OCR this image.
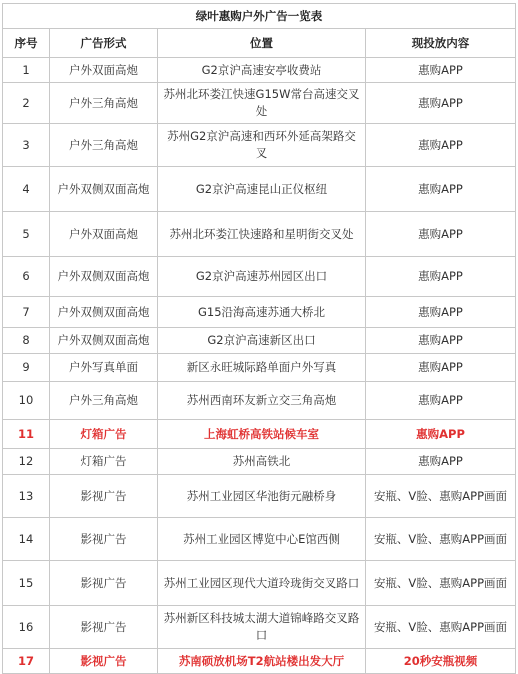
绿叶惠购户外广告一览表			
序号	广告形式	位置	现投放内容
1	户外双面高炮	G2京沪高速安亭收费站	惠购APP
2	户外三角高炮	苏州北环娄江快速G15W常台高速交叉处	惠购APP
3	户外三角高炮	苏州G2京沪高速和西环外延高架路交叉	惠购APP
4	户外双侧双面高炮	G2京沪高速昆山正仪枢纽	惠购APP
5	户外双面高炮	苏州北环娄江快速路和星明街交叉处	惠购APP
6	户外双侧双面高炮	G2京沪高速苏州园区出口	惠购APP
7	户外双侧双面高炮	G15沿海高速苏通大桥北	惠购APP
8	户外双侧双面高炮	G2京沪高速新区出口	惠购APP
9	户外写真单面	新区永旺城际路单面户外写真	惠购APP
10	户外三角高炮	苏州西南环友新立交三角高炮	惠购APP
11	灯箱广告	上海虹桥高铁站候车室	惠购APP
12	灯箱广告	苏州高铁北	惠购APP
13	影视广告	苏州工业园区华池街元融桥身	安瓶、V脸、惠购APP画面
14	影视广告	苏州工业园区博览中心E馆西侧	安瓶、V脸、惠购APP画面
15	影视广告	苏州工业园区现代大道玲珑街交叉路口	安瓶、V脸、惠购APP画面
16	影视广告	苏州新区科技城太湖大道锦峰路交叉路口	安瓶、V脸、惠购APP画面
17	影视广告	苏南硕放机场T2航站楼出发大厅	20秒安瓶视频
